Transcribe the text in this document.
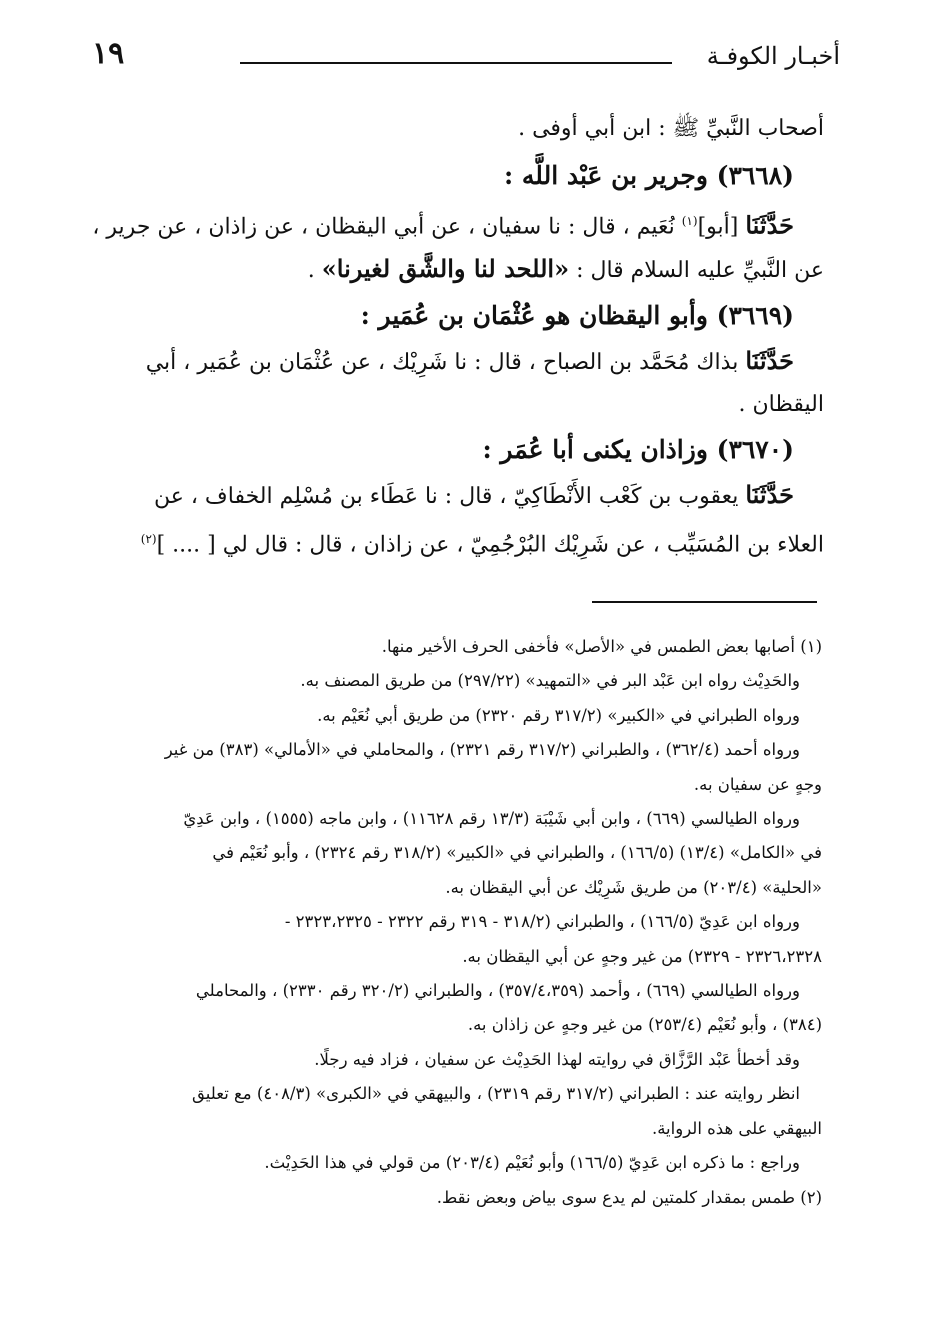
١٩	أخبـار الكوفـة
أصحاب النَّبيِّ ﷺ : ابن أبي أوفى .
(٣٦٦٨) وجرير بن عَبْد اللَّه :
حَدَّثَنَا [أبو]$^{(١)}$ نُعَيم ، قال : نا سفيان ، عن أبي اليقظان ، عن زاذان ، عن جرير ،
عن النَّبيِّ عليه السلام قال : «اللحد لنا والشَّق لغيرنا» .
(٣٦٦٩) وأبو اليقظان هو عُثْمَان بن عُمَير :
حَدَّثَنَا بذاك مُحَمَّد بن الصباح ، قال : نا شَرِيْك ، عن عُثْمَان بن عُمَير ، أبي
اليقظان .
(٣٦٧٠) وزاذان يكنى أبا عُمَر :
حَدَّثَنَا يعقوب بن كَعْب الأَنْطَاكِيّ ، قال : نا عَطَاء بن مُسْلِم الخفاف ، عن
العلاء بن المُسَيِّب ، عن شَرِيْك البُرْجُمِيّ ، عن زاذان ، قال : قال لي [ .... ]$^{(٢)}$
(١) أصابها بعض الطمس في «الأصل» فأخفى الحرف الأخير منها.
والحَدِيْث رواه ابن عَبْد البر في «التمهيد» (٢٩٧/٢٢) من طريق المصنف به.
ورواه الطبراني في «الكبير» (٣١٧/٢ رقم ٢٣٢٠) من طريق أبي نُعَيْم به.
ورواه أحمد (٣٦٢/٤) ، والطبراني (٣١٧/٢ رقم ٢٣٢١) ، والمحاملي في «الأمالي» (٣٨٣) من غير
وجهٍ عن سفيان به.
ورواه الطيالسي (٦٦٩) ، وابن أبي شَيْبَة (١٣/٣ رقم ١١٦٢٨) ، وابن ماجه (١٥٥٥) ، وابن عَدِيّ
في «الكامل» (١٣/٤) (١٦٦/٥) ، والطبراني في «الكبير» (٣١٨/٢ رقم ٢٣٢٤) ، وأبو نُعَيْم في
«الحلية» (٢٠٣/٤) من طريق شَرِيْك عن أبي اليقظان به.
ورواه ابن عَدِيّ (١٦٦/٥) ، والطبراني (٣١٨/٢ - ٣١٩ رقم ٢٣٢٢ - ٢٣٢٣،٢٣٢٥ -
٢٣٢٦،٢٣٢٨ - ٢٣٢٩) من غير وجهٍ عن أبي اليقظان به.
ورواه الطيالسي (٦٦٩) ، وأحمد (٣٥٧/٤،٣٥٩) ، والطبراني (٣٢٠/٢ رقم ٢٣٣٠) ، والمحاملي
(٣٨٤) ، وأبو نُعَيْم (٢٥٣/٤) من غير وجهٍ عن زاذان به.
وقد أخطأ عَبْد الرَّزَّاق في روايته لهذا الحَدِيْث عن سفيان ، فزاد فيه رجلًا.
انظر روايته عند : الطبراني (٣١٧/٢ رقم ٢٣١٩) ، والبيهقي في «الكبرى» (٤٠٨/٣) مع تعليق
البيهقي على هذه الرواية.
وراجع : ما ذكره ابن عَدِيّ (١٦٦/٥) وأبو نُعَيْم (٢٠٣/٤) من قولي في هذا الحَدِيْث.
(٢) طمس بمقدار كلمتين لم يدع سوى بياض وبعض نقط.
